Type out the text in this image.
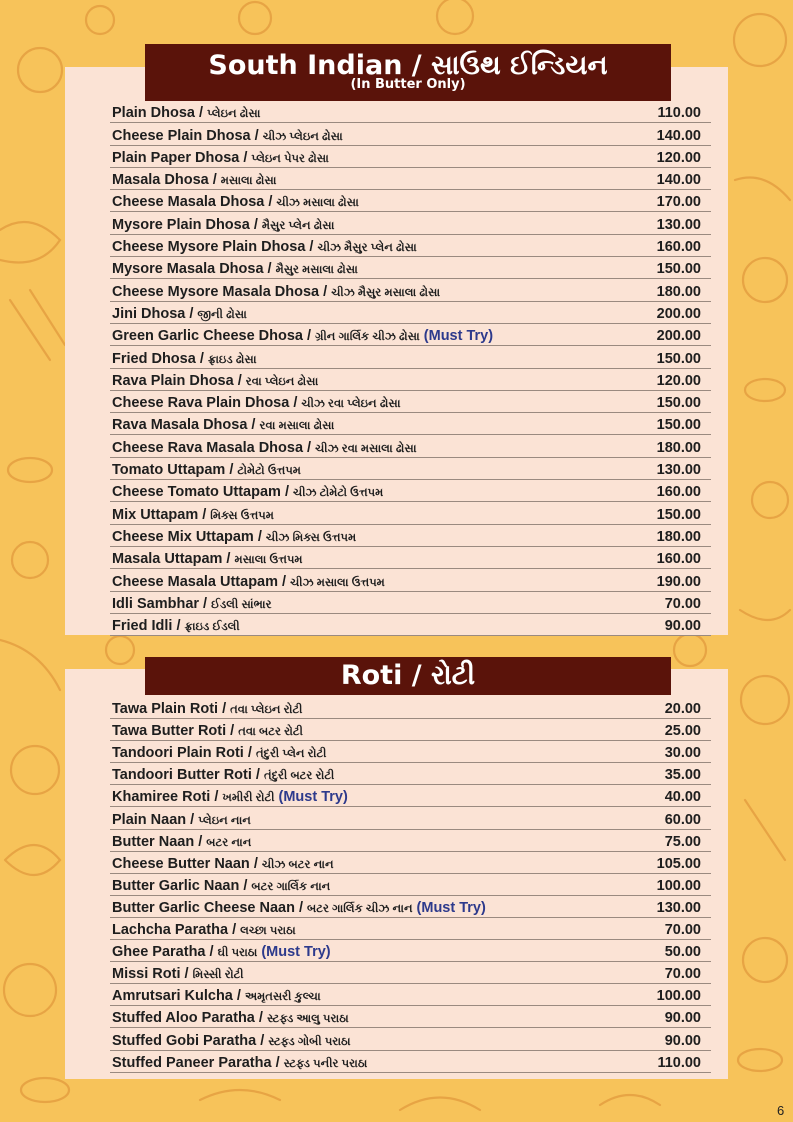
South Indian / સાઉથ ઈન્ડિયન
(In Butter Only)
Plain Dhosa / પ્લેઇન ઢોસા	110.00
Cheese Plain Dhosa / ચીઝ પ્લેઇન ઢોસા	140.00
Plain Paper Dhosa / પ્લેઇન પેપર ઢોસા	120.00
Masala Dhosa / મસાલા ઢોસા	140.00
Cheese Masala Dhosa / ચીઝ મસાલા ઢોસા	170.00
Mysore Plain Dhosa / મૈસુર પ્લેન ઢોસા	130.00
Cheese Mysore Plain Dhosa / ચીઝ મૈસુર પ્લેન ઢોસા	160.00
Mysore Masala Dhosa / મૈસુર મસાલા ઢોસા	150.00
Cheese Mysore Masala Dhosa / ચીઝ મૈસુર મસાલા ઢોસા	180.00
Jini Dhosa / જીની ઢોસા	200.00
Green Garlic Cheese Dhosa / ગ્રીન ગાર્લિક ચીઝ ઢોસા (Must Try)	200.00
Fried Dhosa / ફ્રાઇડ ઢોસા	150.00
Rava Plain Dhosa / રવા પ્લેઇન ઢોસા	120.00
Cheese Rava Plain Dhosa / ચીઝ રવા પ્લેઇન ઢોસા	150.00
Rava Masala Dhosa / રવા મસાલા ઢોસા	150.00
Cheese Rava Masala Dhosa / ચીઝ રવા મસાલા ઢોસા	180.00
Tomato Uttapam / ટોમેટો ઉત્તપમ	130.00
Cheese Tomato Uttapam / ચીઝ ટોમેટો ઉત્તપમ	160.00
Mix Uttapam / મિક્સ ઉત્તપમ	150.00
Cheese Mix Uttapam / ચીઝ મિક્સ ઉત્તપમ	180.00
Masala Uttapam / મસાલા ઉત્તપમ	160.00
Cheese Masala Uttapam / ચીઝ મસાલા ઉત્તપમ	190.00
Idli Sambhar / ઈડલી સાંભાર	70.00
Fried Idli / ફ્રાઇડ ઈડલી	90.00
Roti / રોટી
Tawa Plain Roti / તવા પ્લેઇન રોટી	20.00
Tawa Butter Roti / તવા બટર રોટી	25.00
Tandoori Plain Roti / તંદુરી પ્લેન રોટી	30.00
Tandoori Butter Roti / તંદુરી બટર રોટી	35.00
Khamiree Roti / ખમીરી રોટી (Must Try)	40.00
Plain Naan / પ્લેઇન નાન	60.00
Butter Naan / બટર નાન	75.00
Cheese Butter Naan / ચીઝ બટર નાન	105.00
Butter Garlic Naan / બટર ગાર્લિક નાન	100.00
Butter Garlic Cheese Naan / બટર ગાર્લિક ચીઝ નાન (Must Try)	130.00
Lachcha Paratha / લચ્છા પરાઠા	70.00
Ghee Paratha / ઘી પરાઠા (Must Try)	50.00
Missi Roti / મિસ્સી રોટી	70.00
Amrutsari Kulcha / અમૃતસરી કુલ્ચા	100.00
Stuffed Aloo Paratha / સ્ટફ્ડ આલુ પરાઠા	90.00
Stuffed Gobi Paratha / સ્ટફ્ડ ગોબી પરાઠા	90.00
Stuffed Paneer Paratha / સ્ટફ્ડ પનીર પરાઠા	110.00
6
